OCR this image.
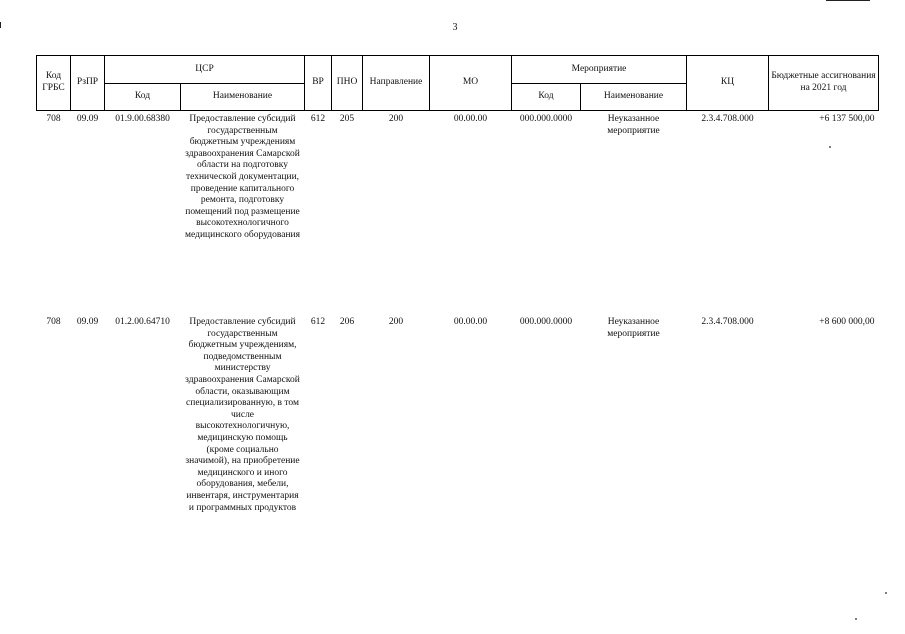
3
Код ГРБС	РзПР	ЦСР		ВР	ПНО	Направление	МО	Мероприятие		КЦ	Бюджетные ассигнования на 2021 год
		Код	Наименование					Код	Наименование		
708	09.09	01.9.00.68380	Предоставление субсидий государственным бюджетным учреждениям здравоохранения Самарской области на подготовку технической документации, проведение капитального ремонта, подготовку помещений под размещение высокотехнологичного медицинского оборудования	612	205	200	00.00.00	000.000.0000	Неуказанное мероприятие	2.3.4.708.000	+6 137 500,00
708	09.09	01.2.00.64710	Предоставление субсидий государственным бюджетным учреждениям, подведомственным министерству здравоохранения Самарской области, оказывающим специализированную, в том числе высокотехнологичную, медицинскую помощь (кроме социально значимой), на приобретение медицинского и иного оборудования, мебели, инвентаря, инструментария и программных продуктов	612	206	200	00.00.00	000.000.0000	Неуказанное мероприятие	2.3.4.708.000	+8 600 000,00
